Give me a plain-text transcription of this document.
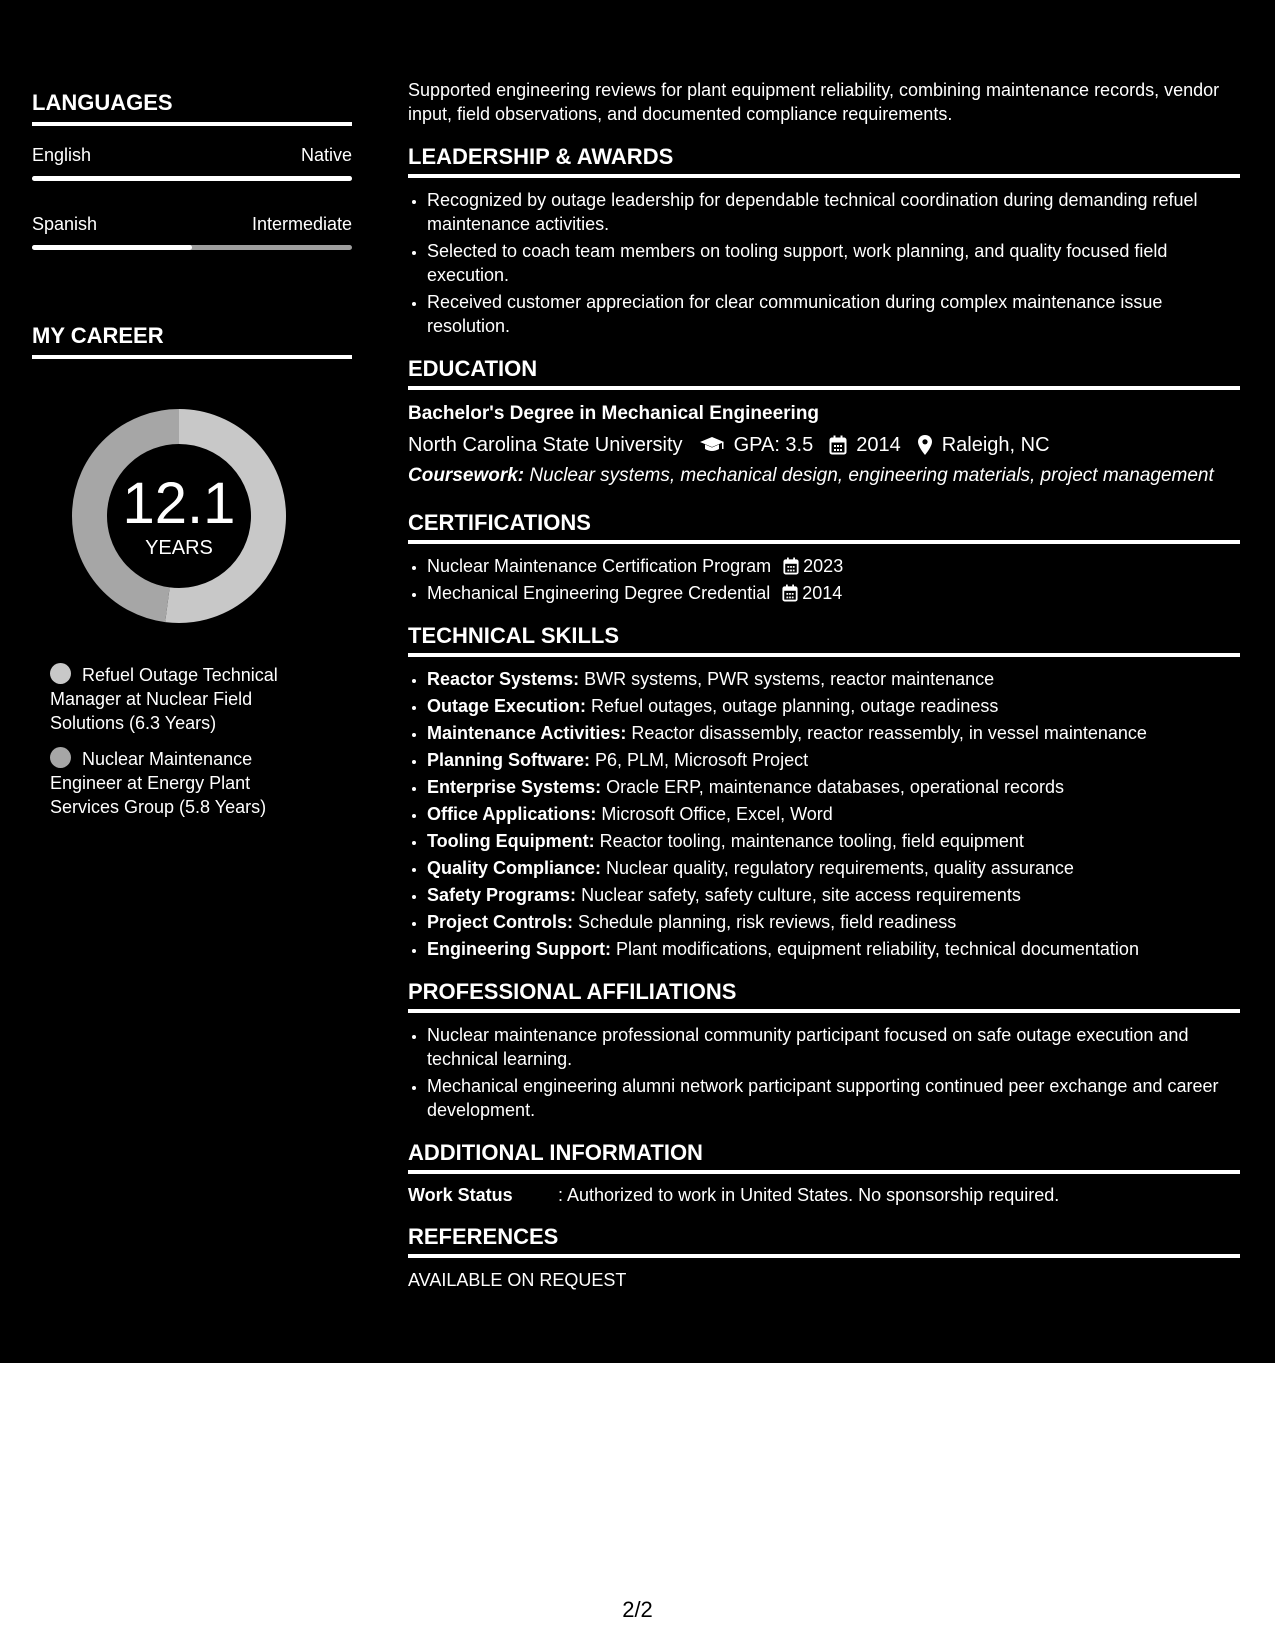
LANGUAGES
English	Native
Spanish	Intermediate
MY CAREER
12.1
YEARS
Refuel Outage Technical Manager at Nuclear Field Solutions (6.3 Years)
Nuclear Maintenance Engineer at Energy Plant Services Group (5.8 Years)

Supported engineering reviews for plant equipment reliability, combining maintenance records, vendor input, field observations, and documented compliance requirements.

LEADERSHIP & AWARDS
• Recognized by outage leadership for dependable technical coordination during demanding refuel maintenance activities.
• Selected to coach team members on tooling support, work planning, and quality focused field execution.
• Received customer appreciation for clear communication during complex maintenance issue resolution.
EDUCATION
Bachelor's Degree in Mechanical Engineering
North Carolina State University	GPA: 3.5 2014 Raleigh, NC
Coursework: Nuclear systems, mechanical design, engineering materials, project management
CERTIFICATIONS
• Nuclear Maintenance Certification Program 2023
• Mechanical Engineering Degree Credential 2014
TECHNICAL SKILLS
• Reactor Systems: BWR systems, PWR systems, reactor maintenance
• Outage Execution: Refuel outages, outage planning, outage readiness
• Maintenance Activities: Reactor disassembly, reactor reassembly, in vessel maintenance
• Planning Software: P6, PLM, Microsoft Project
• Enterprise Systems: Oracle ERP, maintenance databases, operational records
• Office Applications: Microsoft Office, Excel, Word
• Tooling Equipment: Reactor tooling, maintenance tooling, field equipment
• Quality Compliance: Nuclear quality, regulatory requirements, quality assurance
• Safety Programs: Nuclear safety, safety culture, site access requirements
• Project Controls: Schedule planning, risk reviews, field readiness
• Engineering Support: Plant modifications, equipment reliability, technical documentation
PROFESSIONAL AFFILIATIONS
• Nuclear maintenance professional community participant focused on safe outage execution and technical learning.
• Mechanical engineering alumni network participant supporting continued peer exchange and career development.
ADDITIONAL INFORMATION
Work Status	: Authorized to work in United States. No sponsorship required.
REFERENCES
AVAILABLE ON REQUEST
2/2
